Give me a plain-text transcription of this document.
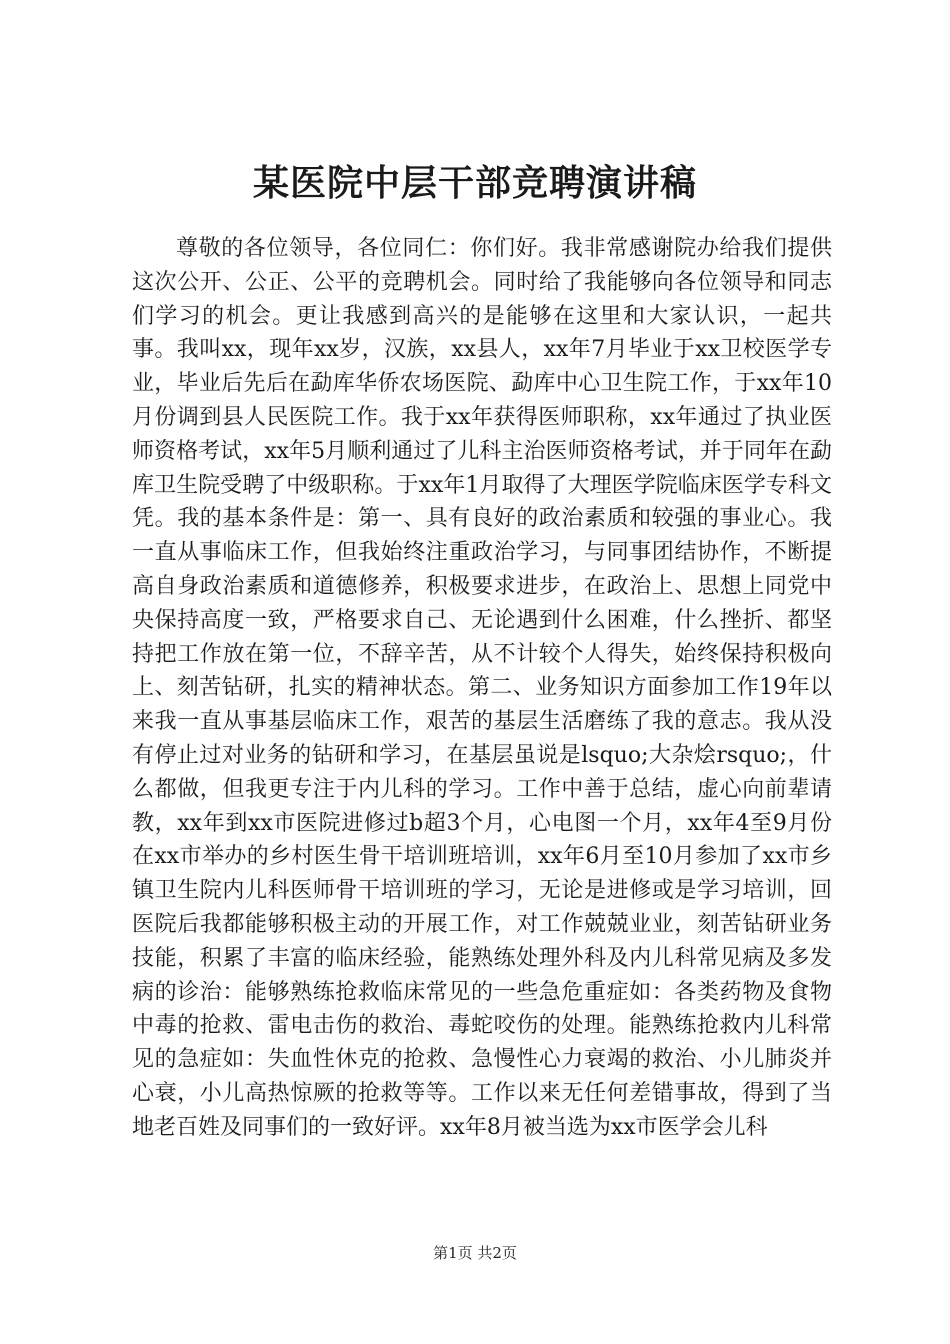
某医院中层干部竞聘演讲稿

尊敬的各位领导，各位同仁：你们好。我非常感谢院办给我们提供这次公开、公正、公平的竞聘机会。同时给了我能够向各位领导和同志们学习的机会。更让我感到高兴的是能够在这里和大家认识，一起共事。我叫xx，现年xx岁，汉族，xx县人，xx年7月毕业于xx卫校医学专业，毕业后先后在勐库华侨农场医院、勐库中心卫生院工作，于xx年10月份调到县人民医院工作。我于xx年获得医师职称，xx年通过了执业医师资格考试，xx年5月顺利通过了儿科主治医师资格考试，并于同年在勐库卫生院受聘了中级职称。于xx年1月取得了大理医学院临床医学专科文凭。我的基本条件是：第一、具有良好的政治素质和较强的事业心。我一直从事临床工作，但我始终注重政治学习，与同事团结协作，不断提高自身政治素质和道德修养，积极要求进步，在政治上、思想上同党中央保持高度一致，严格要求自己、无论遇到什么困难，什么挫折、都坚持把工作放在第一位，不辞辛苦，从不计较个人得失，始终保持积极向上、刻苦钻研，扎实的精神状态。第二、业务知识方面参加工作19年以来我一直从事基层临床工作，艰苦的基层生活磨练了我的意志。我从没有停止过对业务的钻研和学习，在基层虽说是lsquo;大杂烩rsquo;，什么都做，但我更专注于内儿科的学习。工作中善于总结，虚心向前辈请教，xx年到xx市医院进修过b超3个月，心电图一个月，xx年4至9月份在xx市举办的乡村医生骨干培训班培训，xx年6月至10月参加了xx市乡镇卫生院内儿科医师骨干培训班的学习，无论是进修或是学习培训，回医院后我都能够积极主动的开展工作，对工作兢兢业业，刻苦钻研业务技能，积累了丰富的临床经验，能熟练处理外科及内儿科常见病及多发病的诊治：能够熟练抢救临床常见的一些急危重症如：各类药物及食物中毒的抢救、雷电击伤的救治、毒蛇咬伤的处理。能熟练抢救内儿科常见的急症如：失血性休克的抢救、急慢性心力衰竭的救治、小儿肺炎并心衰，小儿高热惊厥的抢救等等。工作以来无任何差错事故，得到了当地老百姓及同事们的一致好评。xx年8月被当选为xx市医学会儿科

第1页 共2页
